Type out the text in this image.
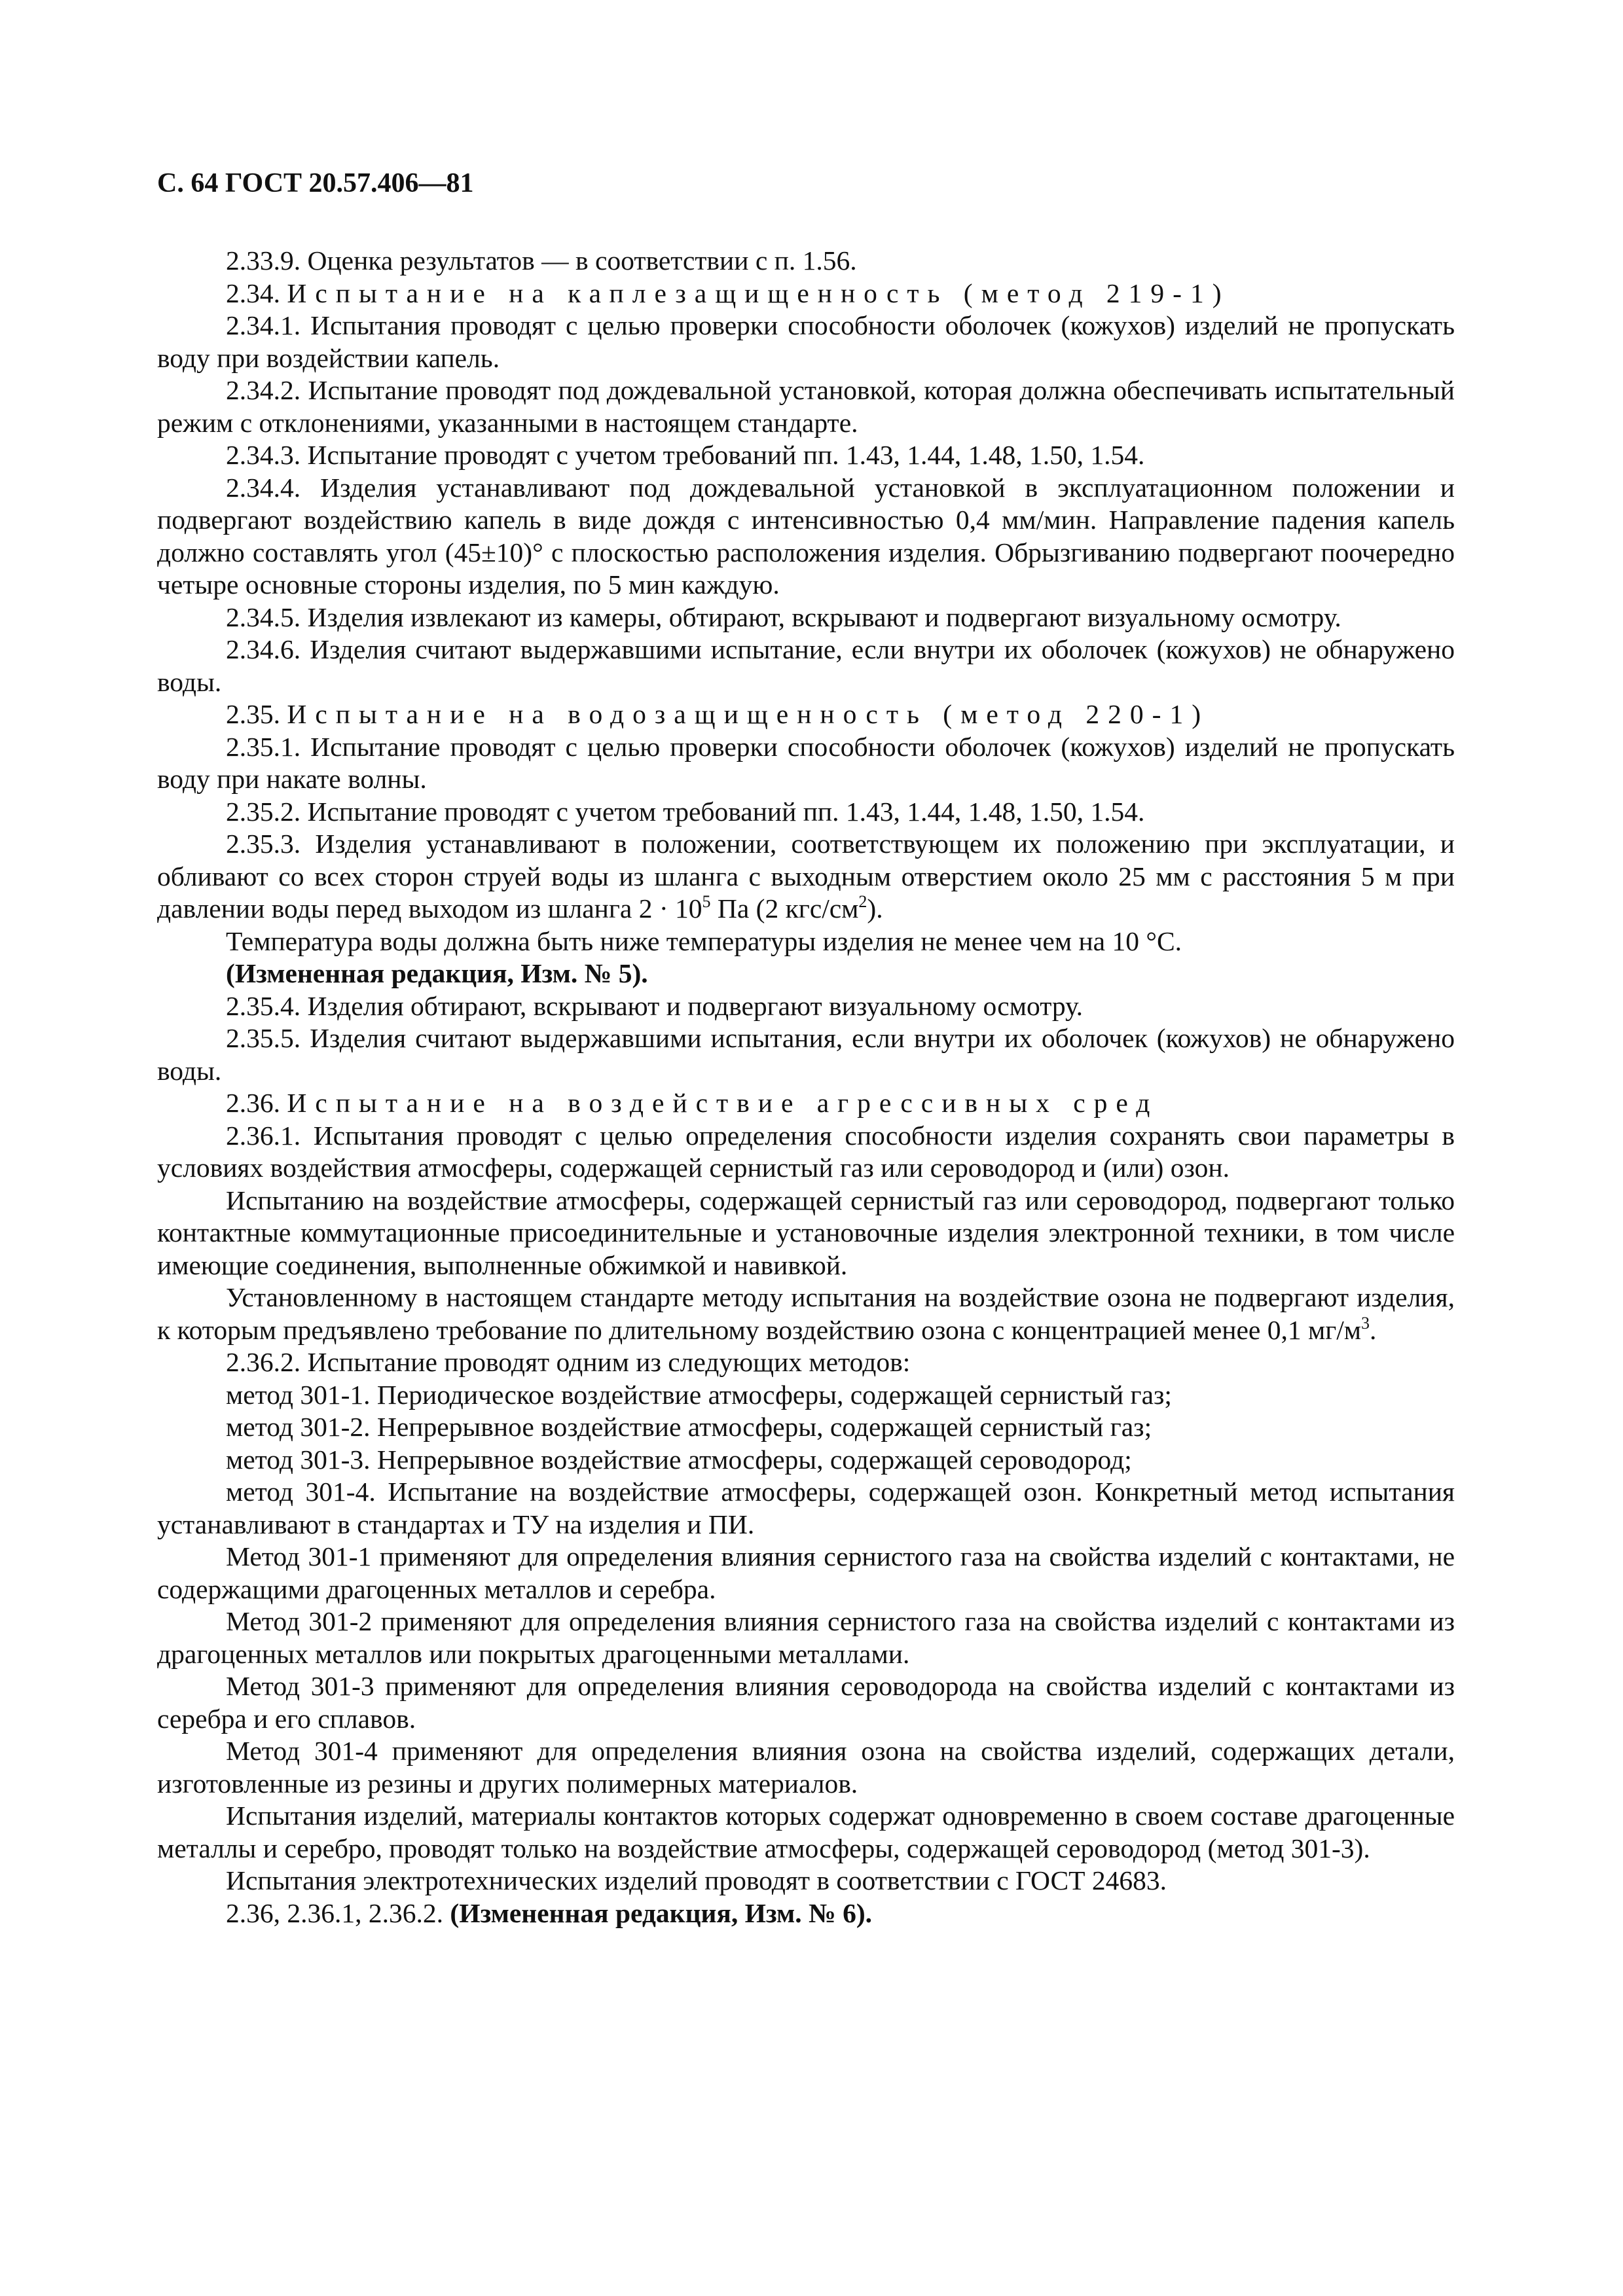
С. 64 ГОСТ 20.57.406—81

2.33.9. Оценка результатов — в соответствии с п. 1.56.

2.34. Испытание на каплезащищенность (метод 219-1)

2.34.1. Испытания проводят с целью проверки способности оболочек (кожухов) изделий не пропускать воду при воздействии капель.

2.34.2. Испытание проводят под дождевальной установкой, которая должна обеспечивать испытательный режим с отклонениями, указанными в настоящем стандарте.

2.34.3. Испытание проводят с учетом требований пп. 1.43, 1.44, 1.48, 1.50, 1.54.

2.34.4. Изделия устанавливают под дождевальной установкой в эксплуатационном положении и подвергают воздействию капель в виде дождя с интенсивностью 0,4 мм/мин. Направление падения капель должно составлять угол (45±10)° с плоскостью расположения изделия. Обрызгиванию подвергают поочередно четыре основные стороны изделия, по 5 мин каждую.

2.34.5. Изделия извлекают из камеры, обтирают, вскрывают и подвергают визуальному осмотру.

2.34.6. Изделия считают выдержавшими испытание, если внутри их оболочек (кожухов) не обнаружено воды.

2.35. Испытание на водозащищенность (метод 220-1)

2.35.1. Испытание проводят с целью проверки способности оболочек (кожухов) изделий не пропускать воду при накате волны.

2.35.2. Испытание проводят с учетом требований пп. 1.43, 1.44, 1.48, 1.50, 1.54.

2.35.3. Изделия устанавливают в положении, соответствующем их положению при эксплуатации, и обливают со всех сторон струей воды из шланга с выходным отверстием около 25 мм с расстояния 5 м при давлении воды перед выходом из шланга $2 \cdot 10^5$ Па (2 кгс/$см^2$).

Температура воды должна быть ниже температуры изделия не менее чем на 10 °С.

(Измененная редакция, Изм. № 5).

2.35.4. Изделия обтирают, вскрывают и подвергают визуальному осмотру.

2.35.5. Изделия считают выдержавшими испытания, если внутри их оболочек (кожухов) не обнаружено воды.

2.36. Испытание на воздействие агрессивных сред

2.36.1. Испытания проводят с целью определения способности изделия сохранять свои параметры в условиях воздействия атмосферы, содержащей сернистый газ или сероводород и (или) озон.

Испытанию на воздействие атмосферы, содержащей сернистый газ или сероводород, подвергают только контактные коммутационные присоединительные и установочные изделия электронной техники, в том числе имеющие соединения, выполненные обжимкой и навивкой.

Установленному в настоящем стандарте методу испытания на воздействие озона не подвергают изделия, к которым предъявлено требование по длительному воздействию озона с концентрацией менее 0,1 $мг/м^3$.

2.36.2. Испытание проводят одним из следующих методов:

метод 301-1. Периодическое воздействие атмосферы, содержащей сернистый газ;

метод 301-2. Непрерывное воздействие атмосферы, содержащей сернистый газ;

метод 301-3. Непрерывное воздействие атмосферы, содержащей сероводород;

метод 301-4. Испытание на воздействие атмосферы, содержащей озон. Конкретный метод испытания устанавливают в стандартах и ТУ на изделия и ПИ.

Метод 301-1 применяют для определения влияния сернистого газа на свойства изделий с контактами, не содержащими драгоценных металлов и серебра.

Метод 301-2 применяют для определения влияния сернистого газа на свойства изделий с контактами из драгоценных металлов или покрытых драгоценными металлами.

Метод 301-3 применяют для определения влияния сероводорода на свойства изделий с контактами из серебра и его сплавов.

Метод 301-4 применяют для определения влияния озона на свойства изделий, содержащих детали, изготовленные из резины и других полимерных материалов.

Испытания изделий, материалы контактов которых содержат одновременно в своем составе драгоценные металлы и серебро, проводят только на воздействие атмосферы, содержащей сероводород (метод 301-3).

Испытания электротехнических изделий проводят в соответствии с ГОСТ 24683.

2.36, 2.36.1, 2.36.2. (Измененная редакция, Изм. № 6).
